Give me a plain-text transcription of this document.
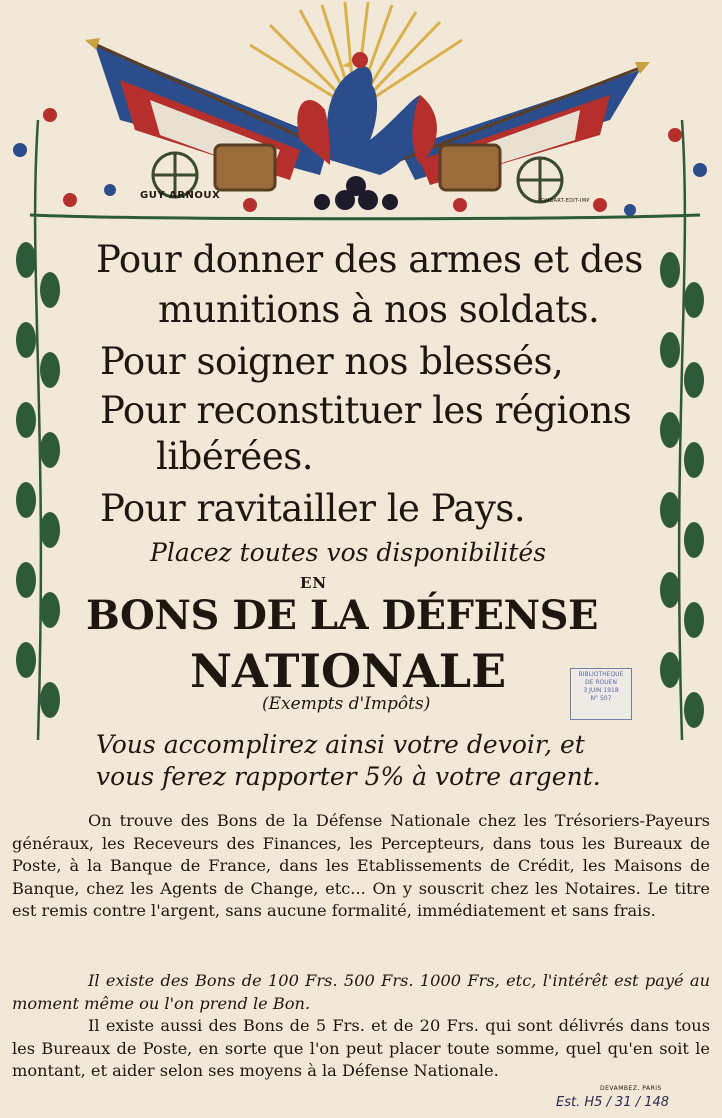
GUY ARNOUX	LOMBART-EDIT-IMP
Pour donner des armes et des
munitions à nos soldats.
Pour soigner nos blessés,
Pour reconstituer les régions
libérées.
Pour ravitailler le Pays.
Placez toutes vos disponibilités
EN
BONS DE LA DÉFENSE
NATIONALE
(Exempts d'Impôts)
BIBLIOTHÈQUE
DE ROUEN
3 JUIN 1918
N° 507
Vous accomplirez ainsi votre devoir, et
vous ferez rapporter 5% à votre argent.

On trouve des Bons de la Défense Nationale chez les Trésoriers-Payeurs généraux, les Receveurs des Finances, les Percepteurs, dans tous les Bureaux de Poste, à la Banque de France, dans les Etablissements de Crédit, les Maisons de Banque, chez les Agents de Change, etc... On y souscrit chez les Notaires. Le titre est remis contre l'argent, sans aucune formalité, immédiatement et sans frais.

Il existe des Bons de 100 Frs. 500 Frs. 1000 Frs, etc, l'intérêt est payé au moment même ou l'on prend le Bon.

Il existe aussi des Bons de 5 Frs. et de 20 Frs. qui sont délivrés dans tous les Bureaux de Poste, en sorte que l'on peut placer toute somme, quel qu'en soit le montant, et aider selon ses moyens à la Défense Nationale.

DEVAMBEZ, PARIS
Est. H5 / 31 / 148
